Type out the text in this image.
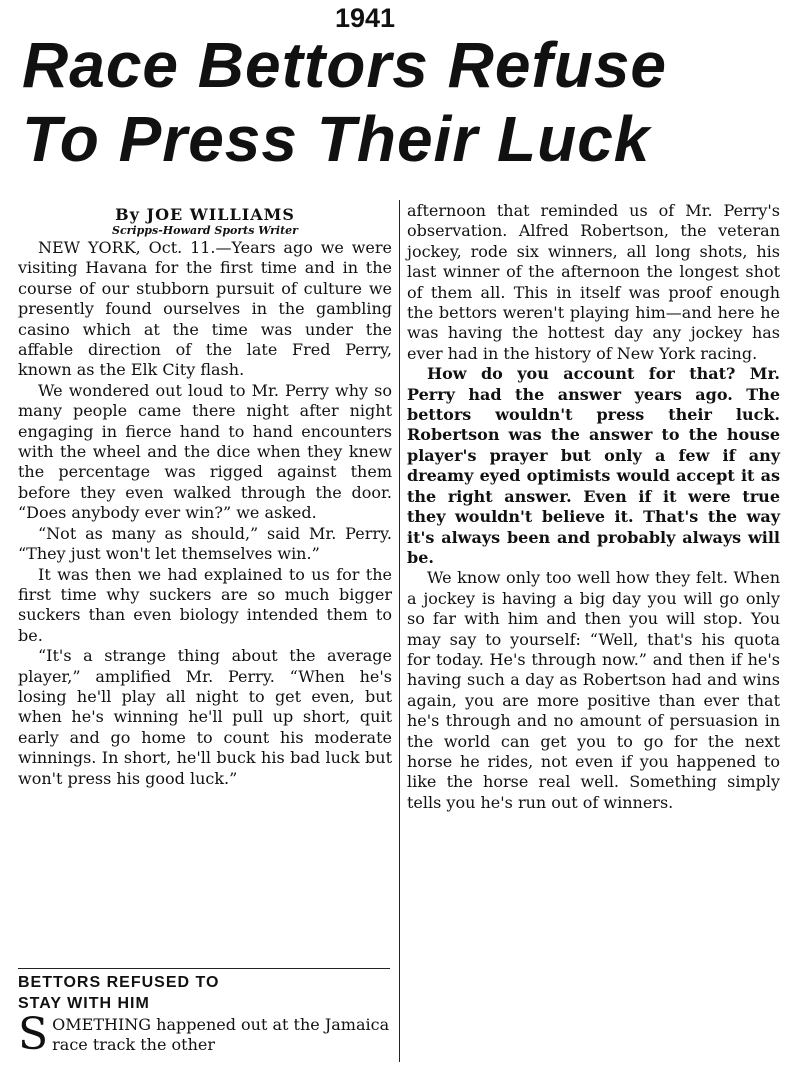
1941
Race Bettors Refuse
To Press Their Luck
By JOE WILLIAMS
Scripps-Howard Sports Writer

NEW YORK, Oct. 11.—Years ago we were visiting Havana for the first time and in the course of our stubborn pursuit of culture we presently found ourselves in the gambling casino which at the time was under the affable direction of the late Fred Perry, known as the Elk City flash.

We wondered out loud to Mr. Perry why so many people came there night after night engaging in fierce hand to hand encounters with the wheel and the dice when they knew the percentage was rigged against them before they even walked through the door. “Does anybody ever win?” we asked.

“Not as many as should,” said Mr. Perry. “They just won't let themselves win.”

It was then we had explained to us for the first time why suckers are so much bigger suckers than even biology intended them to be.

“It's a strange thing about the average player,” amplified Mr. Perry. “When he's losing he'll play all night to get even, but when he's winning he'll pull up short, quit early and go home to count his moderate winnings. In short, he'll buck his bad luck but won't press his good luck.”

BETTORS REFUSED TO
STAY WITH HIM
SOMETHING happened out at the Jamaica race track the other

afternoon that reminded us of Mr. Perry's observation. Alfred Robertson, the veteran jockey, rode six winners, all long shots, his last winner of the afternoon the longest shot of them all. This in itself was proof enough the bettors weren't playing him—and here he was having the hottest day any jockey has ever had in the history of New York racing.

How do you account for that? Mr. Perry had the answer years ago. The bettors wouldn't press their luck. Robertson was the answer to the house player's prayer but only a few if any dreamy eyed optimists would accept it as the right answer. Even if it were true they wouldn't believe it. That's the way it's always been and probably always will be.

We know only too well how they felt. When a jockey is having a big day you will go only so far with him and then you will stop. You may say to yourself: “Well, that's his quota for today. He's through now.” and then if he's having such a day as Robertson had and wins again, you are more positive than ever that he's through and no amount of persuasion in the world can get you to go for the next horse he rides, not even if you happened to like the horse real well. Something simply tells you he's run out of winners.
